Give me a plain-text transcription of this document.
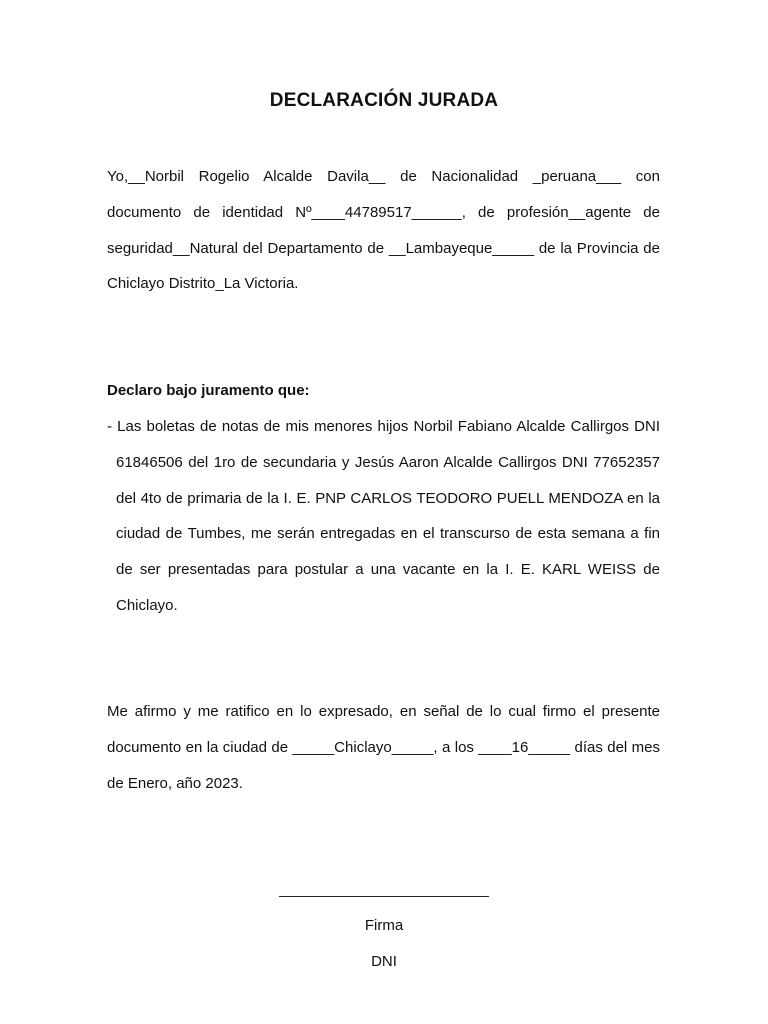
DECLARACIÓN JURADA

Yo,__Norbil Rogelio Alcalde Davila__ de Nacionalidad _peruana___ con documento de identidad Nº____44789517______, de profesión__agente de seguridad__Natural del Departamento de __Lambayeque_____ de la Provincia de Chiclayo Distrito_La Victoria.

Declaro bajo juramento que:
- Las boletas de notas de mis menores hijos Norbil Fabiano Alcalde Callirgos DNI 61846506 del 1ro de secundaria y Jesús Aaron Alcalde Callirgos DNI 77652357 del 4to de primaria de la I. E. PNP CARLOS TEODORO PUELL MENDOZA en la ciudad de Tumbes, me serán entregadas en el transcurso de esta semana a fin de ser presentadas para postular a una vacante en la I. E. KARL WEISS de Chiclayo.

Me afirmo y me ratifico en lo expresado, en señal de lo cual firmo el presente documento en la ciudad de _____Chiclayo_____, a los ____16_____ días del mes de Enero, año 2023.

Firma
DNI
